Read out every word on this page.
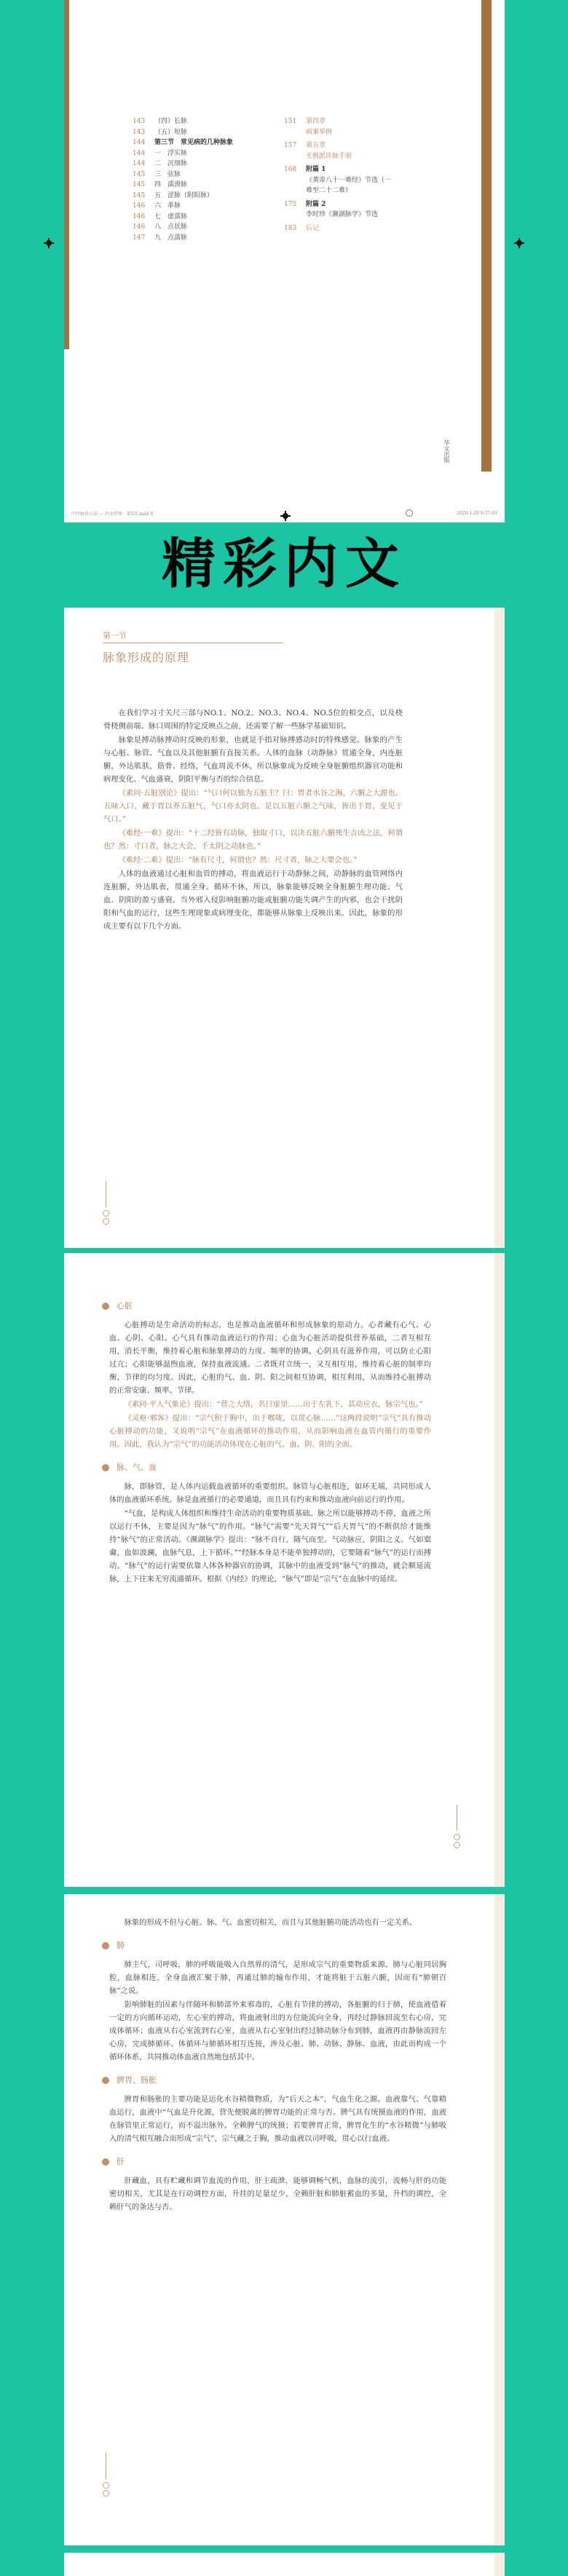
143	（四）长脉
143	（五）短脉
144	第三节　常见病的几种脉象
144	一　浮实脉
144	二　沉细脉
145	三　弦脉
145	四　濡滑脉
145	五　涩脉（附阳脉）
146	六　革脉
146	七　虚濡脉
146	八　点状脉
147	九　点濡脉
151	第四章
病案举例
157	第五章
无极派诊脉手册
168	附篇 1
《黄帝八十一难经》节选（一
难至二十二难）
175	附篇 2
李时珍《濒湖脉学》节选
183	后记
华文出版
中医脉诊大法 — 内文样图 · 第5页.indd 6	2020-1-20 9:37:03
精彩内文
第一节
脉象形成的原理

在我们学习寸关尺三部与NO.1、NO.2、NO.3、NO.4、NO.5位的相交点，以及桡骨桡侧前端、脉口周围的特定反映点之前，还需要了解一些脉学基础知识。

脉象是搏动脉搏动时反映的形象，也就是手指对脉搏感动时的特殊感觉。脉象的产生与心脏、脉管、气血以及其他脏腑有直接关系。人体的血脉（动静脉）贯通全身，内连脏腑，外达肌肤，筋骨、经络，气血周流不休，所以脉象成为反映全身脏腑组织器官功能和病理变化、气血盛衰，阴阳平衡与否的综合信息。

《素问·五脏别论》提出：“气口何以独为五脏主？曰：胃者水谷之海，六腑之大源也。五味入口，藏于胃以养五脏气，气口亦太阴也。是以五脏六腑之气味，皆出于胃，变见于气口。”

《难经·一难》提出：“十二经皆有动脉，独取寸口，以决五脏六腑死生吉凶之法，何谓也？然：寸口者，脉之大会，手太阴之动脉也。”

《难经·二难》提出：“脉有尺寸，何谓也？然：尺寸者，脉之大要会也。”

人体的血液通过心脏和血管的搏动，将血液运行于动静脉之间，动静脉的血管网络内连脏腑，外达肌表，贯通全身。循环不休，所以，脉象能够反映全身脏腑生理功能、气血、阴阳的盈亏盛衰。当外邪入侵影响脏腑功能或脏腑功能失调产生的内邪，也会干扰阴阳和气血的运行，这些生理现象或病理变化，都能够从脉象上反映出来。因此，脉象的形成主要有以下几个方面。

心脏

心脏搏动是生命活动的标志，也是推动血液循环和形成脉象的原动力。心者藏有心气、心血、心阴、心阳。心气具有推动血液运行的作用；心血为心脏活动提供营养基础，二者互相互用，消长平衡，维持着心脏和脉象搏动的力度、频率的协调。心阴具有滋养作用，可以防止心阳过亢；心阳能够温煦血液，保持血液流通。二者既对立统一，又互相互用，维持着心脏的制率均衡，节律的均匀度。因此，心脏的气、血、阴、阳之间相互协调，相互利用，从而维持心脏搏动的正常安康、频率、节律。

《素问·平人气象论》提出：“营之大络，名曰虚里……出于左乳下，其动应衣，脉宗气也。”

《灵枢·邪客》提出：“宗气积于胸中，出于喉咙，以贯心脉……”这两段说明“宗气”具有推动心脏搏动的功能，又说明“宗气”在血液循环的推动作用，从而影响血液在血管内循行的重要作用。因此，我认为“宗气”的功能活动体现在心脏的气、血、阴、阳的全面。

脉、气、血

脉，即脉管，是人体内运载血液循环的重要组织。脉管与心脏相连，如环无端，共同形成人体的血液循环系统。脉是血液循行的必要通道，而且具有约束和推动血液向前运行的作用。

“气血，是构成人体组织和维持生命活动的重要物质基础。脉之所以能够搏动不停，血液之所以运行不休，主要是因为“脉气”的作用。“脉气”需要“先天肾气”“后天胃气”的不断供给才能维持“脉气”的正常活动。《濒湖脉学》提出：“脉不自行，随气而至。气动脉应，阴阳之义。气如槖龠，血如波澜，血脉气息，上下循环。”“经脉本身是不能单独搏动的，它要随着“脉气”的运行而搏动。“脉气”的运行需要依靠人体各种器官的协调，其脉中的血液受到“脉气”的推动，就会顺延流脉，上下往来无穷流通循环。根据《内经》的理论，“脉气”即是“宗气”在血脉中的延续。

脉象的形成不但与心脏、脉、气、血密切相关，而且与其他脏腑功能活动也有一定关系。

肺

肺主气，司呼吸，肺的呼吸能吸入自然界的清气，是形成宗气的重要物质来源。肺与心脏同居胸腔，血脉相连，全身血液汇聚于肺，再通过肺的输布作用，才能将脏于五脏六腑，因而有“肺朝百脉”之说。

影响肺脏的因素与伴随环和肺部外来邪毒的，心脏有节律的搏动，各脏腑的归于肺，使血液借着一定的方向循环运动，左心室的搏动，将血液射出的方位能流向全身，再经过静脉回流至右心房，完成体循环；血液从右心室流到右心室，血液从右心室射出经过肺动脉分布到肺，血液再由静脉流回左心房，完成肺循环。体循环与肺循环相互连接，涉及心脏、肺、动脉、静脉、血液，由此而构成一个循环体系，共同推动体血液自然地包括其中。

脾胃、肠胀

脾胃和肠胀的主要功能是运化水谷精微物质，为“后天之本”，气血生化之源。血液靠气、气靠精血运行，血液中“气血是升化源，营先便脱离的脾胃功能的正常与否。脾气具有统摄血液的作用，血液在脉管里正常运行，而不溢出脉外。全赖脾气的统摄；若要脾胃正常，脾胃化生的“水谷精微”与肺吸入的清气相互融合而形成“宗气”，宗气藏之于胸，推动血液以司呼吸，贯心以行血液。

肝

肝藏血，具有贮藏和调节血流的作用，肝主疏泄，能够调畅气机，血脉的流引，流畅与肝的功能密切相关，尤其是在行动调控方面，升挂的足量足少，全赖肝脏和肺脏蓄血的多量，升档的调控，全赖肝气的条达与否。
